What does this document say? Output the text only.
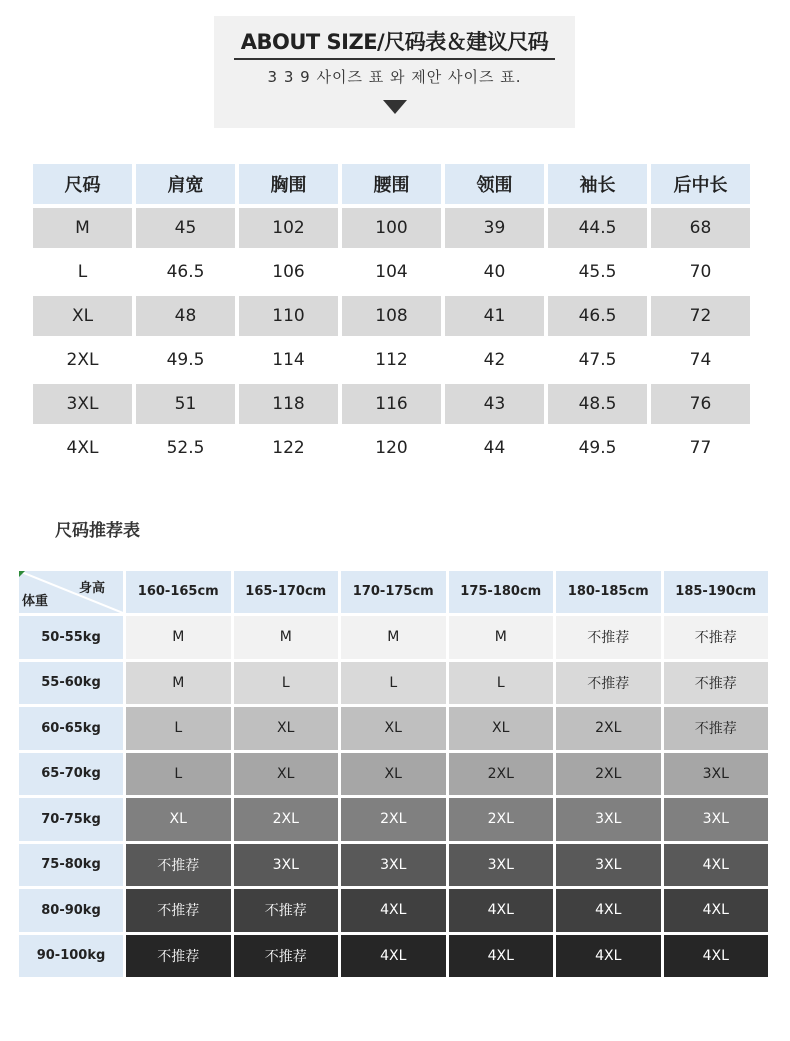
ABOUT SIZE/尺码表＆建议尺码
3 3 9 사이즈 표 와 제안 사이즈 표.
尺码	肩宽	胸围	腰围	领围	袖长	后中长
M	45	102	100	39	44.5	68
L	46.5	106	104	40	45.5	70
XL	48	110	108	41	46.5	72
2XL	49.5	114	112	42	47.5	74
3XL	51	118	116	43	48.5	76
4XL	52.5	122	120	44	49.5	77
尺码推荐表
身高
体重
160-165cm	165-170cm	170-175cm	175-180cm	180-185cm	185-190cm
50-55kg	M	M	M	M	不推荐	不推荐
55-60kg	M	L	L	L	不推荐	不推荐
60-65kg	L	XL	XL	XL	2XL	不推荐
65-70kg	L	XL	XL	2XL	2XL	3XL
70-75kg	XL	2XL	2XL	2XL	3XL	3XL
75-80kg	不推荐	3XL	3XL	3XL	3XL	4XL
80-90kg	不推荐	不推荐	4XL	4XL	4XL	4XL
90-100kg	不推荐	不推荐	4XL	4XL	4XL	4XL
